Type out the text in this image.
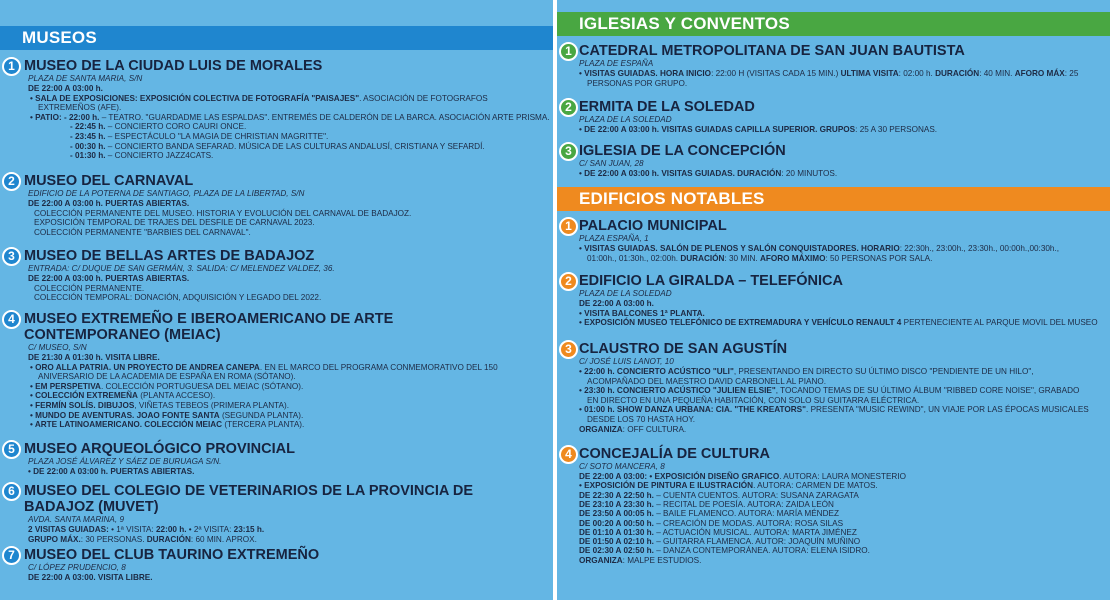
MUSEOS
1 MUSEO DE LA CIUDAD LUIS DE MORALES
PLAZA DE SANTA MARIA, S/N
DE 22:00 A 03:00 h.
• SALA DE EXPOSICIONES: EXPOSICIÓN COLECTIVA DE FOTOGRAFÍA "PAISAJES". ASOCIACIÓN DE FOTOGRAFOS
EXTREMEÑOS (AFE).
• PATIO: - 22:00 h. – TEATRO. "GUARDADME LAS ESPALDAS". ENTREMÉS DE CALDERÓN DE LA BARCA. ASOCIACIÓN ARTE PRISMA.
- 22:45 h. – CONCIERTO CORO CAURI ONCE.
- 23:45 h. – ESPECTÁCULO "LA MAGIA DE CHRISTIAN MAGRITTE".
- 00:30 h. – CONCIERTO BANDA SEFARAD. MÚSICA DE LAS CULTURAS ANDALUSÍ, CRISTIANA Y SEFARDÍ.
- 01:30 h. – CONCIERTO JAZZ4CATS.
2 MUSEO DEL CARNAVAL
EDIFICIO DE LA POTERNA DE SANTIAGO, PLAZA DE LA LIBERTAD, S/N
DE 22:00 A 03:00 h. PUERTAS ABIERTAS.
COLECCIÓN PERMANENTE DEL MUSEO. HISTORIA Y EVOLUCIÓN DEL CARNAVAL DE BADAJOZ.
EXPOSICIÓN TEMPORAL DE TRAJES DEL DESFILE DE CARNAVAL 2023.
COLECCIÓN PERMANENTE "BARBIES DEL CARNAVAL".
3 MUSEO DE BELLAS ARTES DE BADAJOZ
ENTRADA: C/ DUQUE DE SAN GERMÁN, 3. SALIDA: C/ MELENDEZ VALDEZ, 36.
DE 22:00 A 03:00 h. PUERTAS ABIERTAS.
COLECCIÓN PERMANENTE.
COLECCIÓN TEMPORAL: DONACIÓN, ADQUISICIÓN Y LEGADO DEL 2022.
4 MUSEO EXTREMEÑO E IBEROAMERICANO DE ARTE
CONTEMPORANEO (MEIAC)
C/ MUSEO, S/N
DE 21:30 A 01:30 h. VISITA LIBRE.
• ORO ALLA PATRIA. UN PROYECTO DE ANDREA CANEPA. EN EL MARCO DEL PROGRAMA CONMEMORATIVO DEL 150
ANIVERSARIO DE LA ACADEMIA DE ESPAÑA EN ROMA (SÓTANO).
• EM PERSPETIVA. COLECCIÓN PORTUGUESA DEL MEIAC (SÓTANO).
• COLECCIÓN EXTREMEÑA (PLANTA ACCESO).
• FERMÍN SOLÍS. DIBUJOS, VIÑETAS TEBEOS (PRIMERA PLANTA).
• MUNDO DE AVENTURAS. JOAO FONTE SANTA (SEGUNDA PLANTA).
• ARTE LATINOAMERICANO. COLECCIÓN MEIAC (TERCERA PLANTA).
5 MUSEO ARQUEOLÓGICO PROVINCIAL
PLAZA JOSÉ ÁLVAREZ Y SÁEZ DE BURUAGA S/N.
• DE 22:00 A 03:00 h. PUERTAS ABIERTAS.
6 MUSEO DEL COLEGIO DE VETERINARIOS DE LA PROVINCIA DE
BADAJOZ (MUVET)
AVDA. SANTA MARINA, 9
2 VISITAS GUIADAS: • 1ª VISITA: 22:00 h. • 2ª VISITA: 23:15 h.
GRUPO MÁX.: 30 PERSONAS. DURACIÓN: 60 MIN. APROX.
7 MUSEO DEL CLUB TAURINO EXTREMEÑO
C/ LÓPEZ PRUDENCIO, 8
DE 22:00 A 03:00. VISITA LIBRE.
IGLESIAS Y CONVENTOS
1 CATEDRAL METROPOLITANA DE SAN JUAN BAUTISTA
PLAZA DE ESPAÑA
• VISITAS GUIADAS. HORA INICIO: 22:00 H (VISITAS CADA 15 MIN.) ULTIMA VISITA: 02:00 h. DURACIÓN: 40 MIN. AFORO MÁX: 25
PERSONAS POR GRUPO.
2 ERMITA DE LA SOLEDAD
PLAZA DE LA SOLEDAD
• DE 22:00 A 03:00 h. VISITAS GUIADAS CAPILLA SUPERIOR. GRUPOS: 25 A 30 PERSONAS.
3 IGLESIA DE LA CONCEPCIÓN
C/ SAN JUAN, 28
• DE 22:00 A 03:00 h. VISITAS GUIADAS. DURACIÓN: 20 MINUTOS.
EDIFICIOS NOTABLES
1 PALACIO MUNICIPAL
PLAZA ESPAÑA, 1
• VISITAS GUIADAS. SALÓN DE PLENOS Y SALÓN CONQUISTADORES. HORARIO: 22:30h., 23:00h., 23:30h., 00:00h.,00:30h.,
01:00h., 01:30h., 02:00h. DURACIÓN: 30 MIN. AFORO MÁXIMO: 50 PERSONAS POR SALA.
2 EDIFICIO LA GIRALDA – TELEFÓNICA
PLAZA DE LA SOLEDAD
DE 22:00 A 03:00 h.
• VISITA BALCONES 1ª PLANTA.
• EXPOSICIÓN MUSEO TELEFÓNICO DE EXTREMADURA Y VEHÍCULO RENAULT 4 PERTENECIENTE AL PARQUE MOVIL DEL MUSEO
3 CLAUSTRO DE SAN AGUSTÍN
C/ JOSÉ LUIS LANOT, 10
• 22:00 h. CONCIERTO ACÚSTICO "ULI", PRESENTANDO EN DIRECTO SU ÚLTIMO DISCO "PENDIENTE DE UN HILO",
ACOMPAÑADO DEL MAESTRO DAVID CARBONELL AL PIANO.
• 23:30 h. CONCIERTO ACÚSTICO "JULIEN ELSIE", TOCANDO TEMAS DE SU ÚLTIMO ÁLBUM "RIBBED CORE NOISE", GRABADO
EN DIRECTO EN UNA PEQUEÑA HABITACIÓN, CON SOLO SU GUITARRA ELÉCTRICA.
• 01:00 h. SHOW DANZA URBANA: CIA. "THE KREATORS". PRESENTA "MUSIC REWIND", UN VIAJE POR LAS ÉPOCAS MUSICALES
DESDE LOS 70 HASTA HOY.
ORGANIZA: OFF CULTURA.
4 CONCEJALÍA DE CULTURA
C/ SOTO MANCERA, 8
DE 22:00 A 03:00: • EXPOSICIÓN DISEÑO GRAFICO. AUTORA: LAURA MONESTERIO
• EXPOSICIÓN DE PINTURA E ILUSTRACIÓN. AUTORA: CARMEN DE MATOS.
DE 22:30 A 22:50 h. – CUENTA CUENTOS. AUTORA: SUSANA ZARAGATA
DE 23:10 A 23:30 h. – RECITAL DE POESÍA. AUTORA: ZAIDA LEÓN
DE 23:50 A 00:05 h. – BAILE FLAMENCO. AUTORA: MARÍA MÉNDEZ
DE 00:20 A 00:50 h. – CREACIÓN DE MODAS. AUTORA: ROSA SILAS
DE 01:10 A 01:30 h. – ACTUACIÓN MUSICAL. AUTORA: MARTA JIMÉNEZ
DE 01:50 A 02:10 h. – GUITARRA FLAMENCA. AUTOR: JOAQUÍN MUÑINO
DE 02:30 A 02:50 h. – DANZA CONTEMPORÁNEA. AUTORA: ELENA ISIDRO.
ORGANIZA: MALPE ESTUDIOS.
